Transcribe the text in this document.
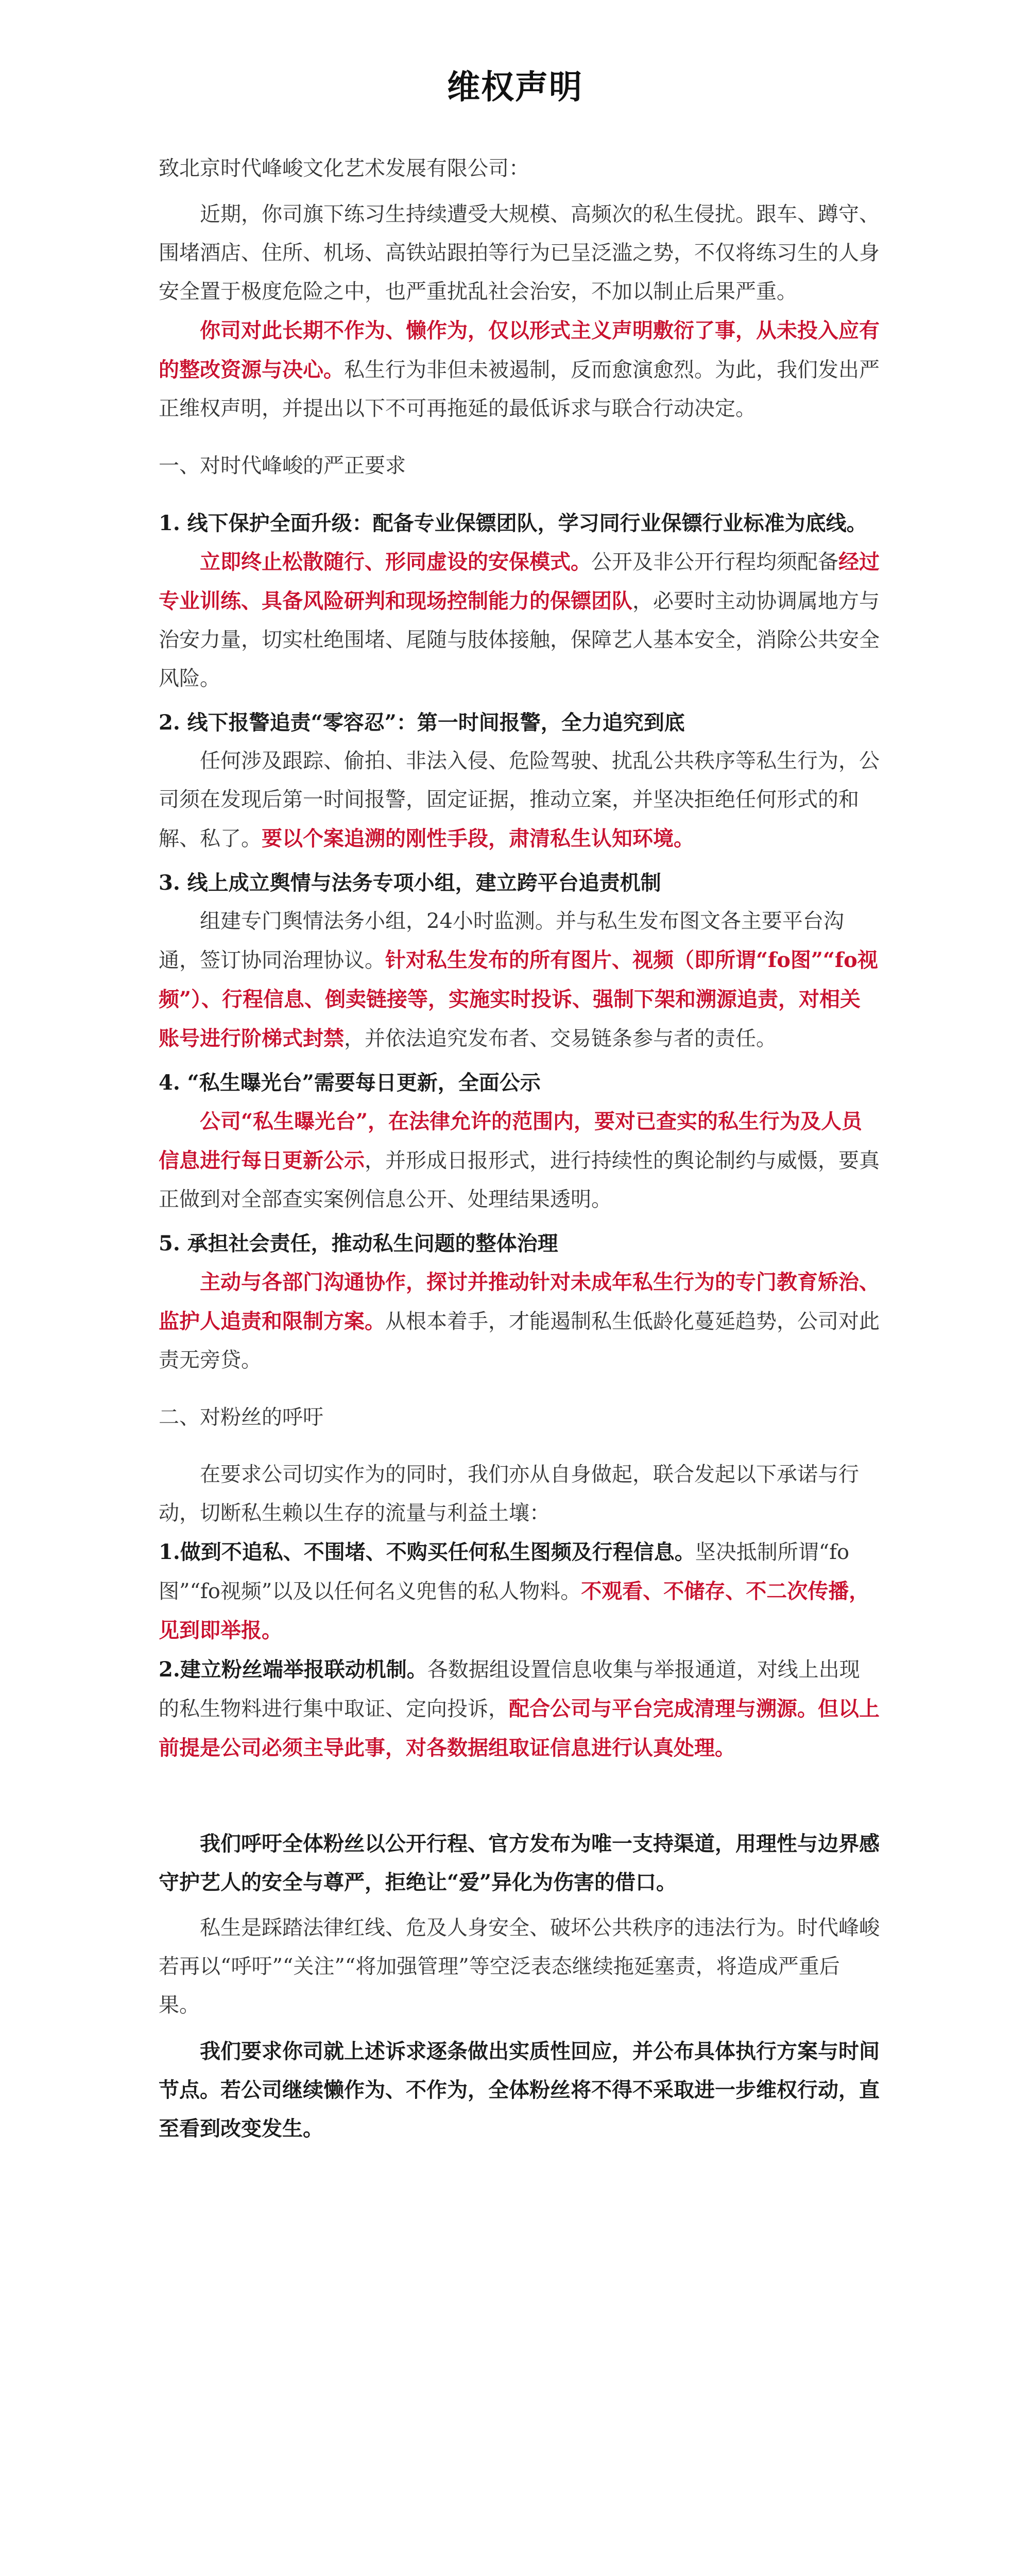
维权声明

致北京时代峰峻文化艺术发展有限公司：

近期，你司旗下练习生持续遭受大规模、高频次的私生侵扰。跟车、蹲守、围堵酒店、住所、机场、高铁站跟拍等行为已呈泛滥之势，不仅将练习生的人身安全置于极度危险之中，也严重扰乱社会治安，不加以制止后果严重。

你司对此长期不作为、懒作为，仅以形式主义声明敷衍了事，从未投入应有的整改资源与决心。私生行为非但未被遏制，反而愈演愈烈。为此，我们发出严正维权声明，并提出以下不可再拖延的最低诉求与联合行动决定。

一、对时代峰峻的严正要求

1. 线下保护全面升级：配备专业保镖团队，学习同行业保镖行业标准为底线。

立即终止松散随行、形同虚设的安保模式。公开及非公开行程均须配备经过专业训练、具备风险研判和现场控制能力的保镖团队，必要时主动协调属地方与治安力量，切实杜绝围堵、尾随与肢体接触，保障艺人基本安全，消除公共安全风险。

2. 线下报警追责“零容忍”：第一时间报警，全力追究到底

任何涉及跟踪、偷拍、非法入侵、危险驾驶、扰乱公共秩序等私生行为，公司须在发现后第一时间报警，固定证据，推动立案，并坚决拒绝任何形式的和解、私了。要以个案追溯的刚性手段，肃清私生认知环境。

3. 线上成立舆情与法务专项小组，建立跨平台追责机制

组建专门舆情法务小组，24小时监测。并与私生发布图文各主要平台沟通，签订协同治理协议。针对私生发布的所有图片、视频（即所谓“fo图”“fo视频”）、行程信息、倒卖链接等，实施实时投诉、强制下架和溯源追责，对相关账号进行阶梯式封禁，并依法追究发布者、交易链条参与者的责任。

4. “私生曝光台”需要每日更新，全面公示

公司“私生曝光台”，在法律允许的范围内，要对已查实的私生行为及人员信息进行每日更新公示，并形成日报形式，进行持续性的舆论制约与威慑，要真正做到对全部查实案例信息公开、处理结果透明。

5. 承担社会责任，推动私生问题的整体治理

主动与各部门沟通协作，探讨并推动针对未成年私生行为的专门教育矫治、监护人追责和限制方案。从根本着手，才能遏制私生低龄化蔓延趋势，公司对此责无旁贷。

二、对粉丝的呼吁

在要求公司切实作为的同时，我们亦从自身做起，联合发起以下承诺与行动，切断私生赖以生存的流量与利益土壤：

1.做到不追私、不围堵、不购买任何私生图频及行程信息。坚决抵制所谓“fo图”“fo视频”以及以任何名义兜售的私人物料。不观看、不储存、不二次传播，见到即举报。

2.建立粉丝端举报联动机制。各数据组设置信息收集与举报通道，对线上出现的私生物料进行集中取证、定向投诉，配合公司与平台完成清理与溯源。但以上前提是公司必须主导此事，对各数据组取证信息进行认真处理。

我们呼吁全体粉丝以公开行程、官方发布为唯一支持渠道，用理性与边界感守护艺人的安全与尊严，拒绝让“爱”异化为伤害的借口。

私生是踩踏法律红线、危及人身安全、破坏公共秩序的违法行为。时代峰峻若再以“呼吁”“关注”“将加强管理”等空泛表态继续拖延塞责，将造成严重后果。

我们要求你司就上述诉求逐条做出实质性回应，并公布具体执行方案与时间节点。若公司继续懒作为、不作为，全体粉丝将不得不采取进一步维权行动，直至看到改变发生。
